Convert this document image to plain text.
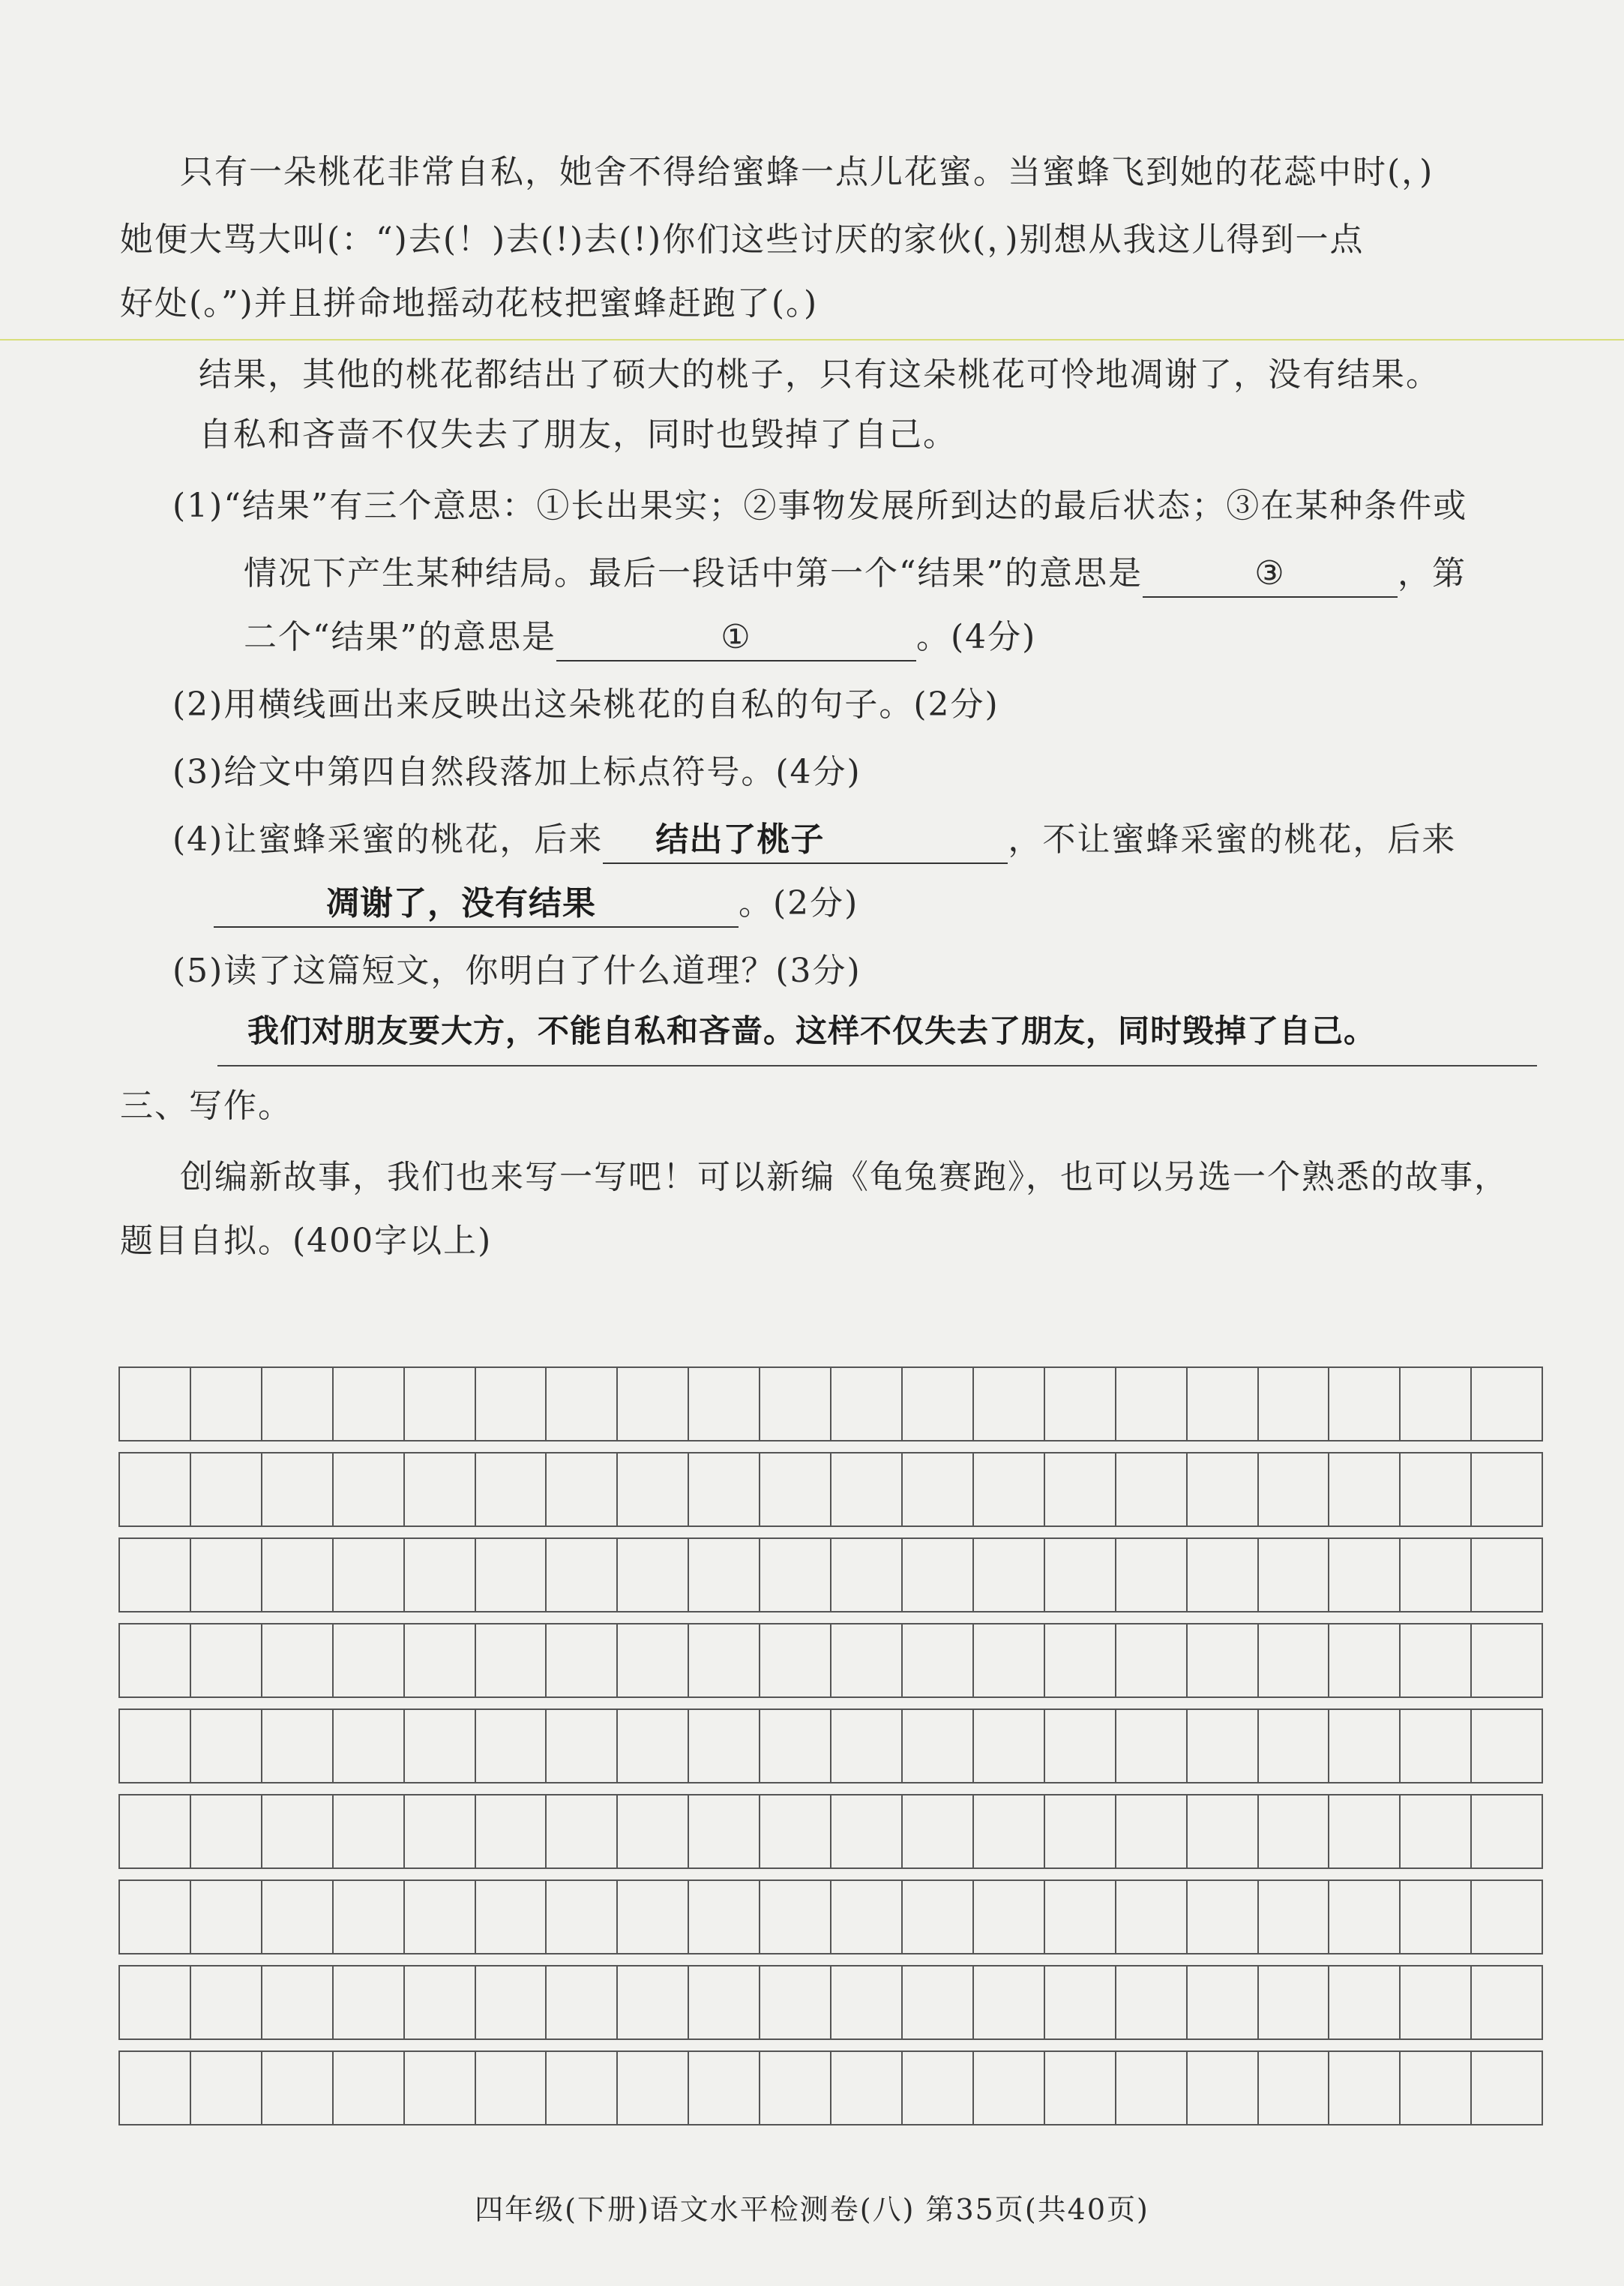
只有一朵桃花非常自私，她舍不得给蜜蜂一点儿花蜜。当蜜蜂飞到她的花蕊中时(，)
她便大骂大叫(：“)去(！)去(!)去(!)你们这些讨厌的家伙(，)别想从我这儿得到一点
好处(。”)并且拼命地摇动花枝把蜜蜂赶跑了(。)
结果，其他的桃花都结出了硕大的桃子，只有这朵桃花可怜地凋谢了，没有结果。
自私和吝啬不仅失去了朋友，同时也毁掉了自己。
(1)“结果”有三个意思：①长出果实；②事物发展所到达的最后状态；③在某种条件或
情况下产生某种结局。最后一段话中第一个“结果”的意思是	③	，第
二个“结果”的意思是	①	。(4分)
(2)用横线画出来反映出这朵桃花的自私的句子。(2分)
(3)给文中第四自然段落加上标点符号。(4分)
(4)让蜜蜂采蜜的桃花，后来 结出了桃子	，不让蜜蜂采蜜的桃花，后来
凋谢了，没有结果	。(2分)
(5)读了这篇短文，你明白了什么道理？(3分)
我们对朋友要大方，不能自私和吝啬。这样不仅失去了朋友，同时毁掉了自己。
三、写作。
创编新故事，我们也来写一写吧！可以新编《龟兔赛跑》，也可以另选一个熟悉的故事，
题目自拟。(400字以上)
四年级(下册)语文水平检测卷(八) 第35页(共40页)
